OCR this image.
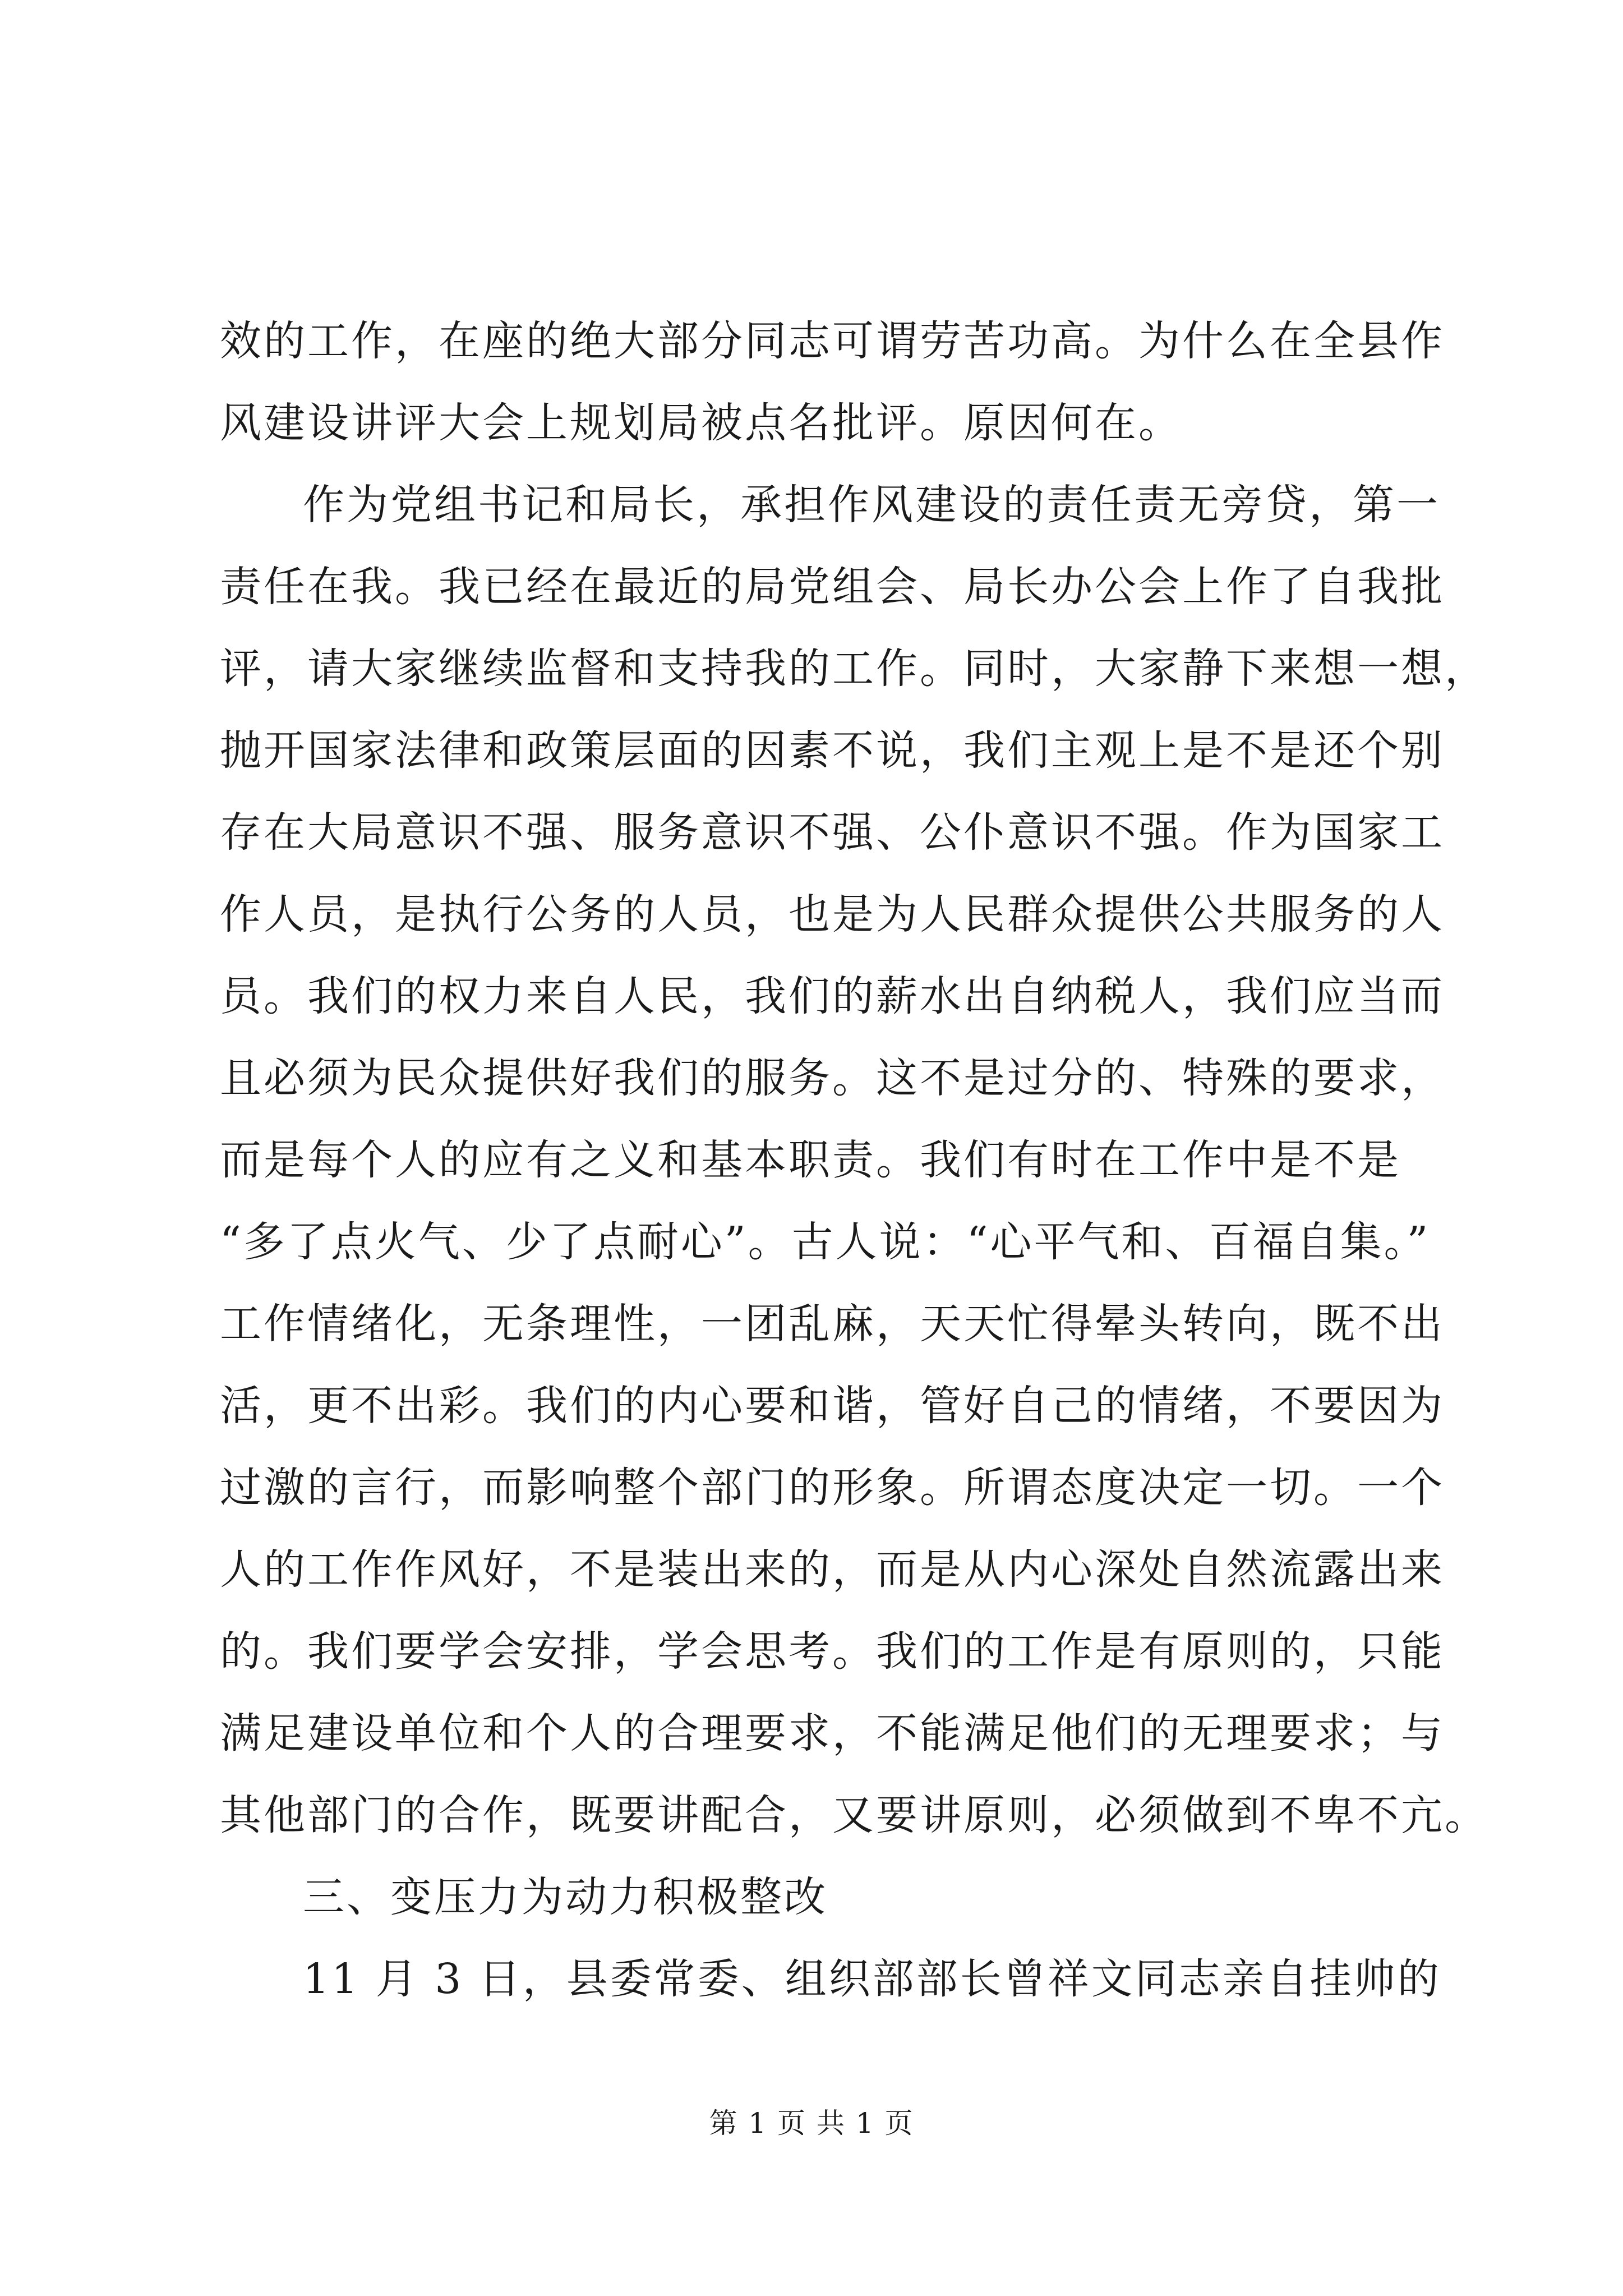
效的工作，在座的绝大部分同志可谓劳苦功高。为什么在全县作
风建设讲评大会上规划局被点名批评。原因何在。
作为党组书记和局长，承担作风建设的责任责无旁贷，第一
责任在我。我已经在最近的局党组会、局长办公会上作了自我批
评，请大家继续监督和支持我的工作。同时，大家静下来想一想，
抛开国家法律和政策层面的因素不说，我们主观上是不是还个别
存在大局意识不强、服务意识不强、公仆意识不强。作为国家工
作人员，是执行公务的人员，也是为人民群众提供公共服务的人
员。我们的权力来自人民，我们的薪水出自纳税人，我们应当而
且必须为民众提供好我们的服务。这不是过分的、特殊的要求，
而是每个人的应有之义和基本职责。我们有时在工作中是不是
“多了点火气、少了点耐心”。古人说：“心平气和、百福自集。”
工作情绪化，无条理性，一团乱麻，天天忙得晕头转向，既不出
活，更不出彩。我们的内心要和谐，管好自己的情绪，不要因为
过激的言行，而影响整个部门的形象。所谓态度决定一切。一个
人的工作作风好，不是装出来的，而是从内心深处自然流露出来
的。我们要学会安排，学会思考。我们的工作是有原则的，只能
满足建设单位和个人的合理要求，不能满足他们的无理要求；与
其他部门的合作，既要讲配合，又要讲原则，必须做到不卑不亢。
三、变压力为动力积极整改
11 月 3 日，县委常委、组织部部长曾祥文同志亲自挂帅的
第 1 页 共 1 页
